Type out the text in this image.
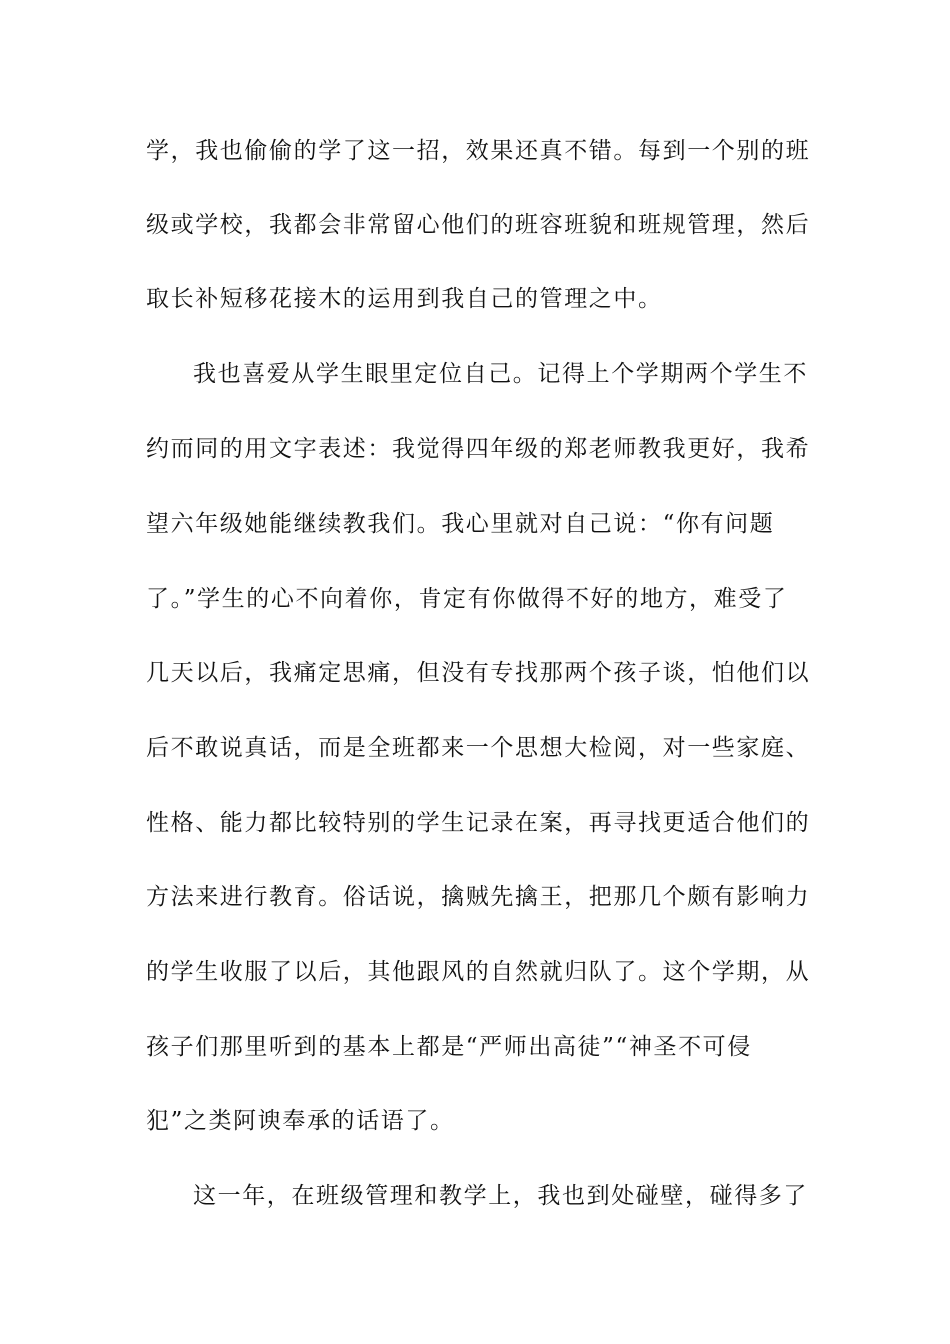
学，我也偷偷的学了这一招，效果还真不错。每到一个别的班
级或学校，我都会非常留心他们的班容班貌和班规管理，然后
取长补短移花接木的运用到我自己的管理之中。
我也喜爱从学生眼里定位自己。记得上个学期两个学生不
约而同的用文字表述：我觉得四年级的郑老师教我更好，我希
望六年级她能继续教我们。我心里就对自己说：“你有问题
了。”学生的心不向着你，肯定有你做得不好的地方，难受了
几天以后，我痛定思痛，但没有专找那两个孩子谈，怕他们以
后不敢说真话，而是全班都来一个思想大检阅，对一些家庭、
性格、能力都比较特别的学生记录在案，再寻找更适合他们的
方法来进行教育。俗话说，擒贼先擒王，把那几个颇有影响力
的学生收服了以后，其他跟风的自然就归队了。这个学期，从
孩子们那里听到的基本上都是“严师出高徒”“神圣不可侵
犯”之类阿谀奉承的话语了。
这一年，在班级管理和教学上，我也到处碰壁，碰得多了
